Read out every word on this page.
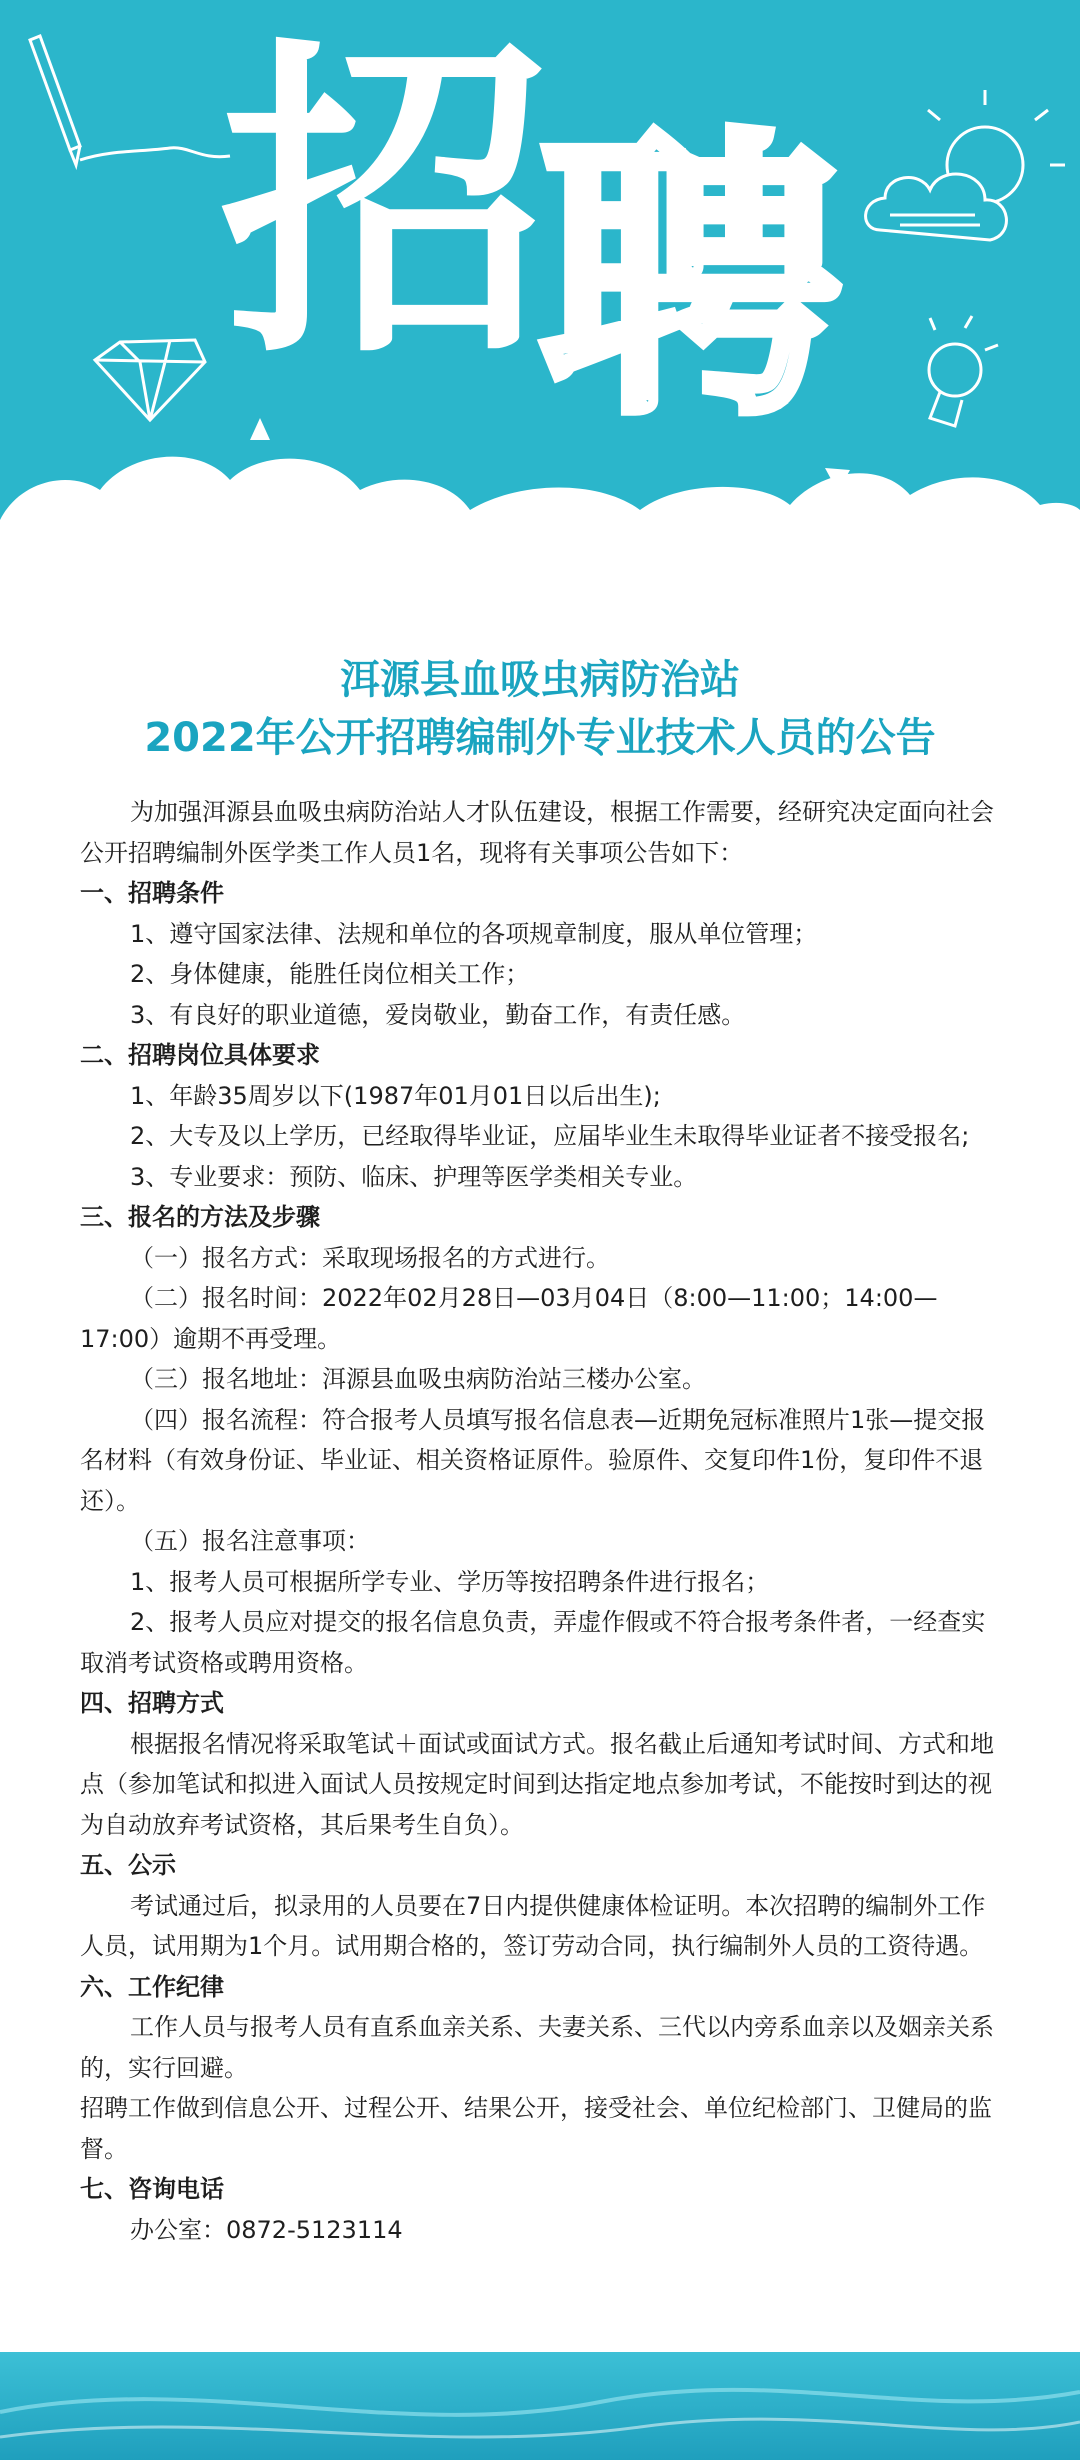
招
聘
洱源县血吸虫病防治站
2022年公开招聘编制外专业技术人员的公告

为加强洱源县血吸虫病防治站人才队伍建设，根据工作需要，经研究决定面向社会公开招聘编制外医学类工作人员1名，现将有关事项公告如下：

一、招聘条件

1、遵守国家法律、法规和单位的各项规章制度，服从单位管理；

2、身体健康，能胜任岗位相关工作；

3、有良好的职业道德，爱岗敬业，勤奋工作，有责任感。

二、招聘岗位具体要求

1、年龄35周岁以下(1987年01月01日以后出生);

2、大专及以上学历，已经取得毕业证，应届毕业生未取得毕业证者不接受报名;

3、专业要求：预防、临床、护理等医学类相关专业。

三、报名的方法及步骤

（一）报名方式：采取现场报名的方式进行。

（二）报名时间：2022年02月28日—03月04日（8:00—11:00；14:00—17:00）逾期不再受理。

（三）报名地址：洱源县血吸虫病防治站三楼办公室。

（四）报名流程：符合报考人员填写报名信息表—近期免冠标准照片1张—提交报名材料（有效身份证、毕业证、相关资格证原件。验原件、交复印件1份，复印件不退还）。

（五）报名注意事项：

1、报考人员可根据所学专业、学历等按招聘条件进行报名；

2、报考人员应对提交的报名信息负责，弄虚作假或不符合报考条件者，一经查实取消考试资格或聘用资格。

四、招聘方式

根据报名情况将采取笔试＋面试或面试方式。报名截止后通知考试时间、方式和地点（参加笔试和拟进入面试人员按规定时间到达指定地点参加考试，不能按时到达的视为自动放弃考试资格，其后果考生自负）。

五、公示

考试通过后，拟录用的人员要在7日内提供健康体检证明。本次招聘的编制外工作人员，试用期为1个月。试用期合格的，签订劳动合同，执行编制外人员的工资待遇。

六、工作纪律

工作人员与报考人员有直系血亲关系、夫妻关系、三代以内旁系血亲以及姻亲关系的，实行回避。

招聘工作做到信息公开、过程公开、结果公开，接受社会、单位纪检部门、卫健局的监督。

七、咨询电话

办公室：0872-5123114
